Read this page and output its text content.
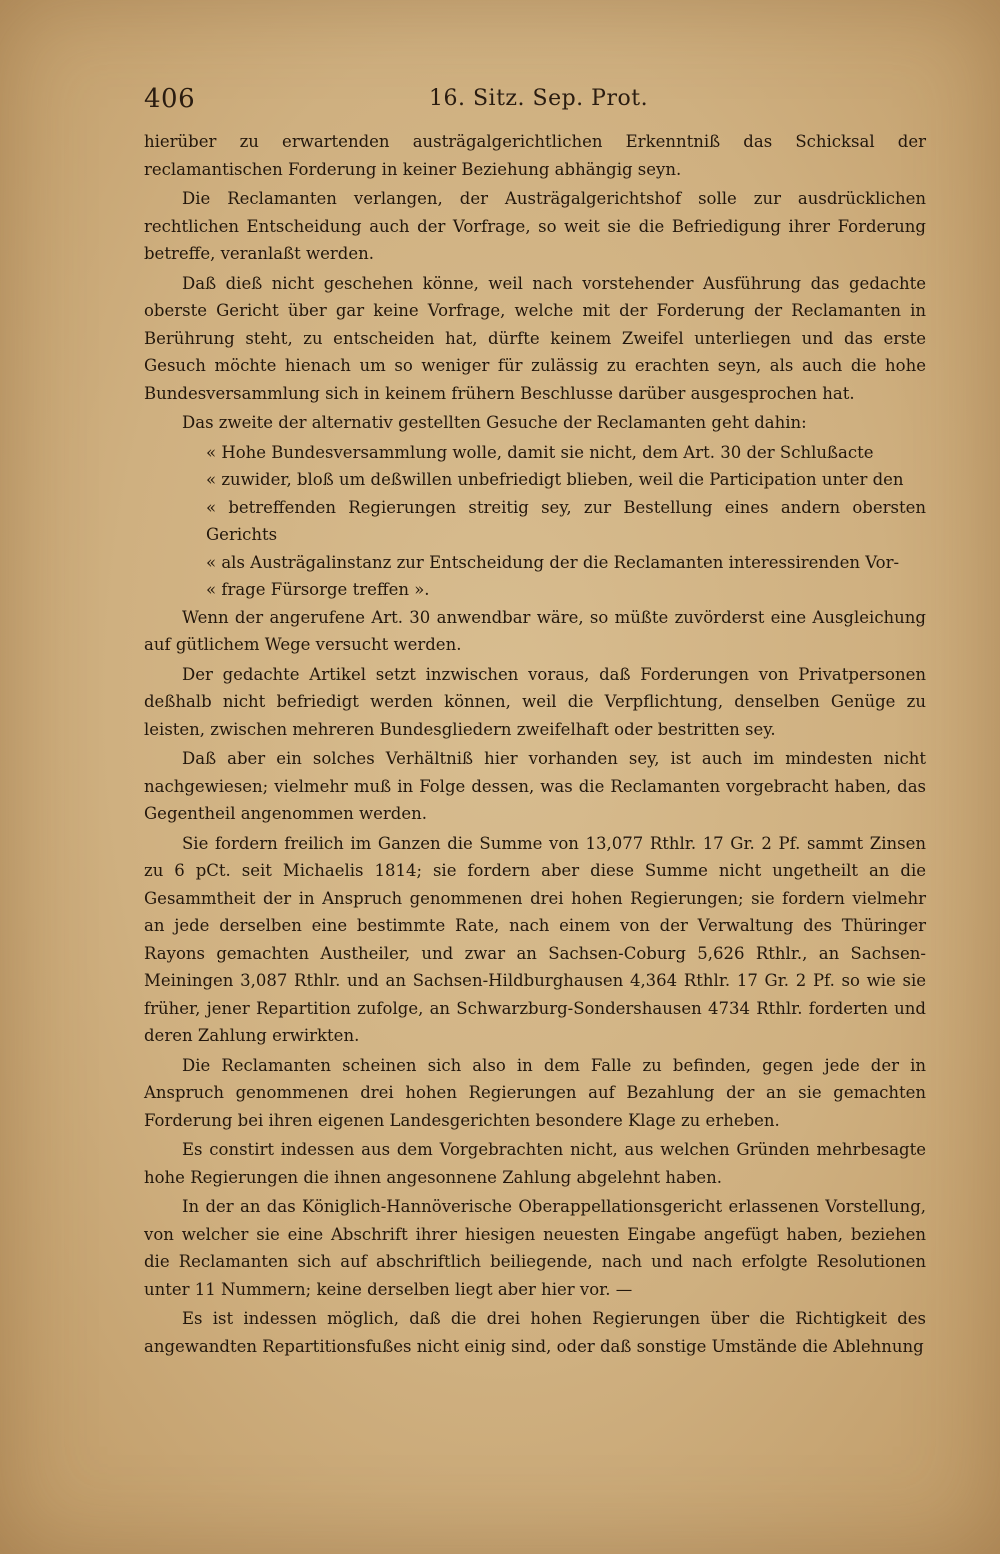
406	16. Sitz. Sep. Prot.

hierüber zu erwartenden austrägalgerichtlichen Erkenntniß das Schicksal der reclamantischen Forderung in keiner Beziehung abhängig seyn.

Die Reclamanten verlangen, der Austrägalgerichtshof solle zur ausdrücklichen rechtlichen Entscheidung auch der Vorfrage, so weit sie die Befriedigung ihrer Forderung betreffe, veranlaßt werden.

Daß dieß nicht geschehen könne, weil nach vorstehender Ausführung das gedachte oberste Gericht über gar keine Vorfrage, welche mit der Forderung der Reclamanten in Berührung steht, zu entscheiden hat, dürfte keinem Zweifel unterliegen und das erste Gesuch möchte hienach um so weniger für zulässig zu erachten seyn, als auch die hohe Bundesversammlung sich in keinem frühern Beschlusse darüber ausgesprochen hat.

Das zweite der alternativ gestellten Gesuche der Reclamanten geht dahin:

« Hohe Bundesversammlung wolle, damit sie nicht, dem Art. 30 der Schlußacte

« zuwider, bloß um deßwillen unbefriedigt blieben, weil die Participation unter den

« betreffenden Regierungen streitig sey, zur Bestellung eines andern obersten Gerichts

« als Austrägalinstanz zur Entscheidung der die Reclamanten interessirenden Vor-

« frage Fürsorge treffen ».

Wenn der angerufene Art. 30 anwendbar wäre, so müßte zuvörderst eine Ausgleichung auf gütlichem Wege versucht werden.

Der gedachte Artikel setzt inzwischen voraus, daß Forderungen von Privatpersonen deßhalb nicht befriedigt werden können, weil die Verpflichtung, denselben Genüge zu leisten, zwischen mehreren Bundesgliedern zweifelhaft oder bestritten sey.

Daß aber ein solches Verhältniß hier vorhanden sey, ist auch im mindesten nicht nachgewiesen; vielmehr muß in Folge dessen, was die Reclamanten vorgebracht haben, das Gegentheil angenommen werden.

Sie fordern freilich im Ganzen die Summe von 13,077 Rthlr. 17 Gr. 2 Pf. sammt Zinsen zu 6 pCt. seit Michaelis 1814; sie fordern aber diese Summe nicht ungetheilt an die Gesammtheit der in Anspruch genommenen drei hohen Regierungen; sie fordern vielmehr an jede derselben eine bestimmte Rate, nach einem von der Verwaltung des Thüringer Rayons gemachten Austheiler, und zwar an Sachsen-Coburg 5,626 Rthlr., an Sachsen-Meiningen 3,087 Rthlr. und an Sachsen-Hildburghausen 4,364 Rthlr. 17 Gr. 2 Pf. so wie sie früher, jener Repartition zufolge, an Schwarzburg-Sondershausen 4734 Rthlr. forderten und deren Zahlung erwirkten.

Die Reclamanten scheinen sich also in dem Falle zu befinden, gegen jede der in Anspruch genommenen drei hohen Regierungen auf Bezahlung der an sie gemachten Forderung bei ihren eigenen Landesgerichten besondere Klage zu erheben.

Es constirt indessen aus dem Vorgebrachten nicht, aus welchen Gründen mehrbesagte hohe Regierungen die ihnen angesonnene Zahlung abgelehnt haben.

In der an das Königlich-Hannöverische Oberappellationsgericht erlassenen Vorstellung, von welcher sie eine Abschrift ihrer hiesigen neuesten Eingabe angefügt haben, beziehen die Reclamanten sich auf abschriftlich beiliegende, nach und nach erfolgte Resolutionen unter 11 Nummern; keine derselben liegt aber hier vor. —

Es ist indessen möglich, daß die drei hohen Regierungen über die Richtigkeit des angewandten Repartitionsfußes nicht einig sind, oder daß sonstige Umstände die Ablehnung
